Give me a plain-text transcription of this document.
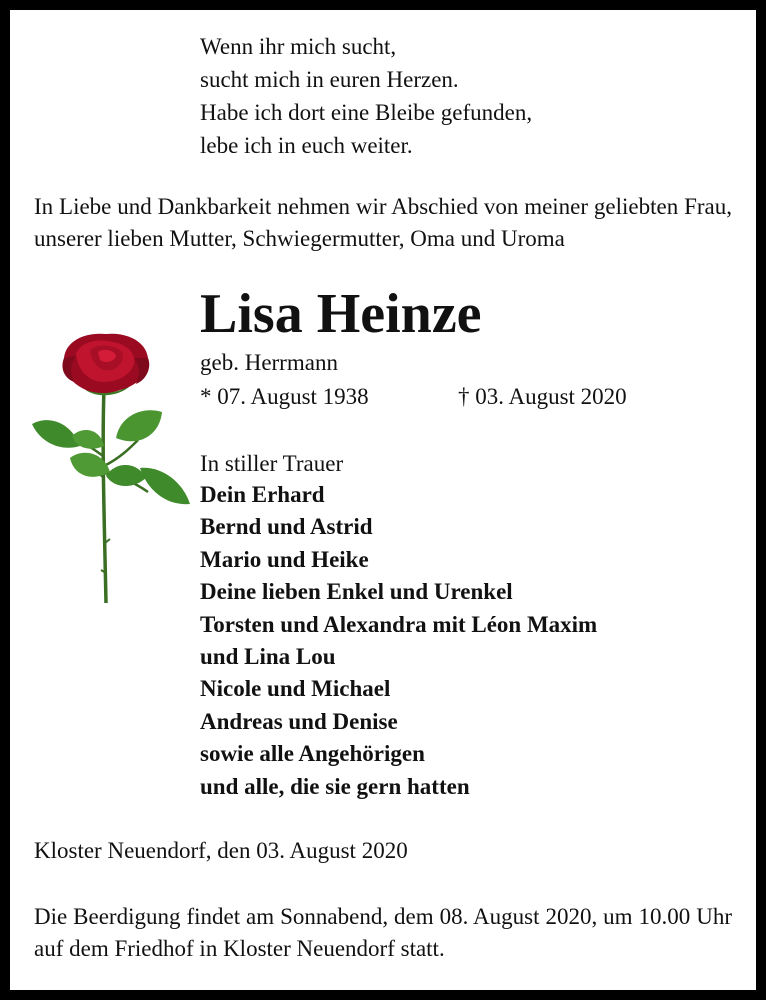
Wenn ihr mich sucht,
sucht mich in euren Herzen.
Habe ich dort eine Bleibe gefunden,
lebe ich in euch weiter.
In Liebe und Dankbarkeit nehmen wir Abschied von meiner geliebten Frau, unserer lieben Mutter, Schwiegermutter, Oma und Uroma
Lisa Heinze
geb. Herrmann
* 07. August 1938	† 03. August 2020
In stiller Trauer
Dein Erhard
Bernd und Astrid
Mario und Heike
Deine lieben Enkel und Urenkel
Torsten und Alexandra mit Léon Maxim
und Lina Lou
Nicole und Michael
Andreas und Denise
sowie alle Angehörigen
und alle, die sie gern hatten
Kloster Neuendorf, den 03. August 2020
Die Beerdigung findet am Sonnabend, dem 08. August 2020, um 10.00 Uhr auf dem Friedhof in Kloster Neuendorf statt.
